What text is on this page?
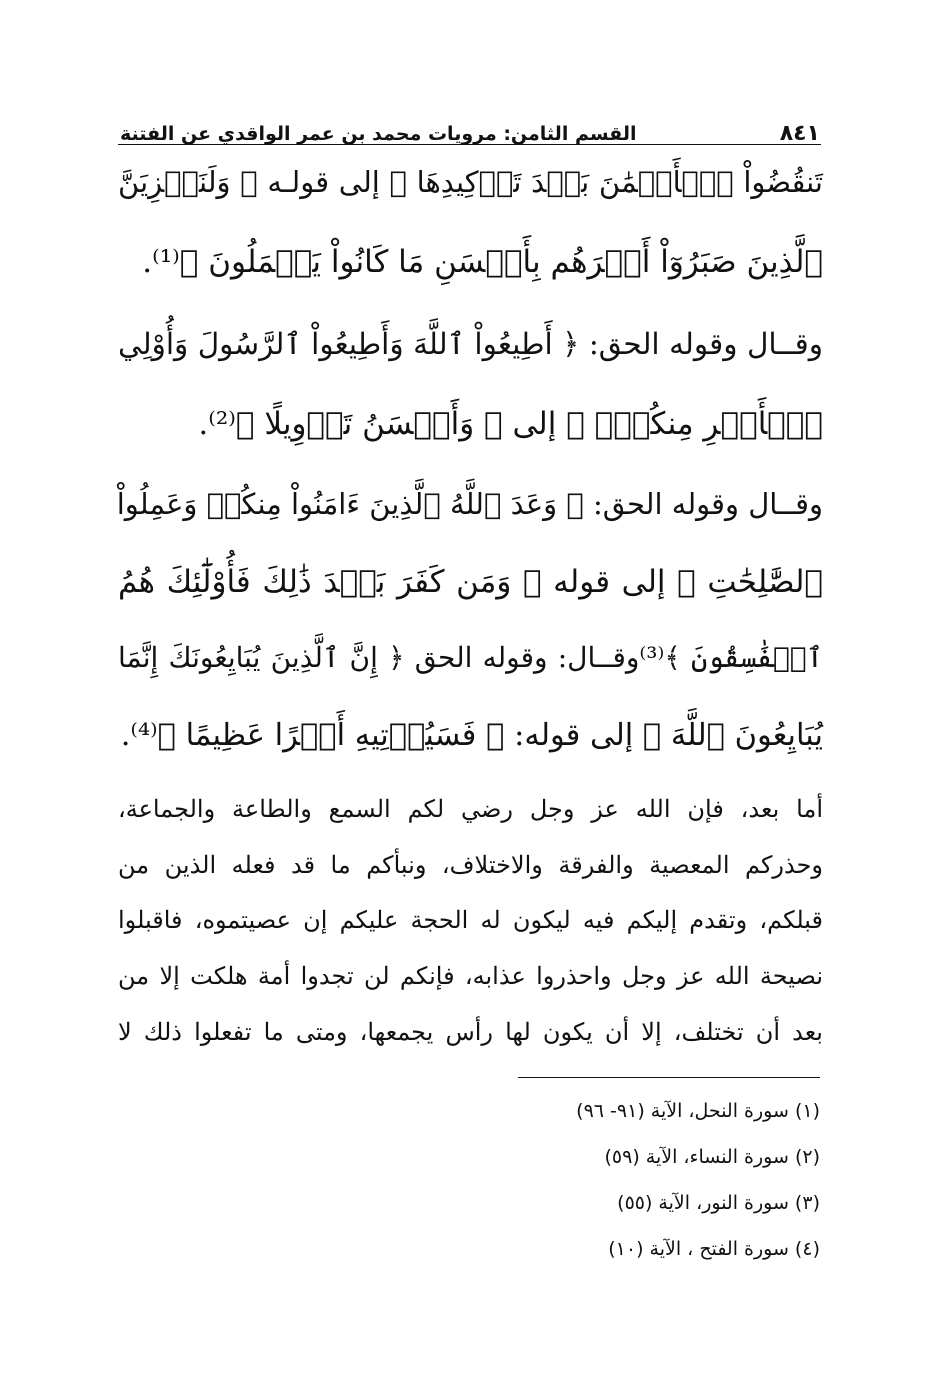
٨٤١
القسم الثامن: مرويات محمد بن عمر الواقدي عن الفتنة
تَنقُضُواْ ٱلۡأَيۡمَٰنَ بَعۡدَ تَوۡكِيدِهَا ﴾ إلى قولـه ﴿ وَلَنَجۡزِيَنَّ
ٱلَّذِينَ صَبَرُوٓاْ أَجۡرَهُم بِأَحۡسَنِ مَا كَانُواْ يَعۡمَلُونَ ﴾⁽¹⁾.
وقــال وقوله الحق: ﴿ أَطِيعُواْ ٱللَّهَ وَأَطِيعُواْ ٱلرَّسُولَ وَأُوْلِي
ٱلۡأَمۡرِ مِنكُمۡۖ ﴾ إلى ﴿ وَأَحۡسَنُ تَأۡوِيلًا ﴾⁽²⁾.
وقــال وقوله الحق: ﴿ وَعَدَ ٱللَّهُ ٱلَّذِينَ ءَامَنُواْ مِنكُمۡ وَعَمِلُواْ
ٱلصَّٰلِحَٰتِ ﴾ إلى قوله ﴿ وَمَن كَفَرَ بَعۡدَ ذَٰلِكَ فَأُوْلَٰٓئِكَ هُمُ
ٱلۡفَٰسِقُونَ ﴾⁽³⁾وقــال: وقوله الحق ﴿ إِنَّ ٱلَّذِينَ يُبَايِعُونَكَ إِنَّمَا
يُبَايِعُونَ ٱللَّهَ ﴾ إلى قوله: ﴿ فَسَيُؤۡتِيهِ أَجۡرًا عَظِيمًا ﴾⁽⁴⁾.
أما بعد، فإن الله عز وجل رضي لكم السمع والطاعة والجماعة،
وحذركم المعصية والفرقة والاختلاف، ونبأكم ما قد فعله الذين من
قبلكم، وتقدم إليكم فيه ليكون له الحجة عليكم إن عصيتموه، فاقبلوا
نصيحة الله عز وجل واحذروا عذابه، فإنكم لن تجدوا أمة هلكت إلا من
بعد أن تختلف، إلا أن يكون لها رأس يجمعها، ومتى ما تفعلوا ذلك لا
(١) سورة النحل، الآية (٩١- ٩٦)
(٢) سورة النساء، الآية (٥٩)
(٣) سورة النور، الآية (٥٥)
(٤) سورة الفتح ، الآية (١٠)
